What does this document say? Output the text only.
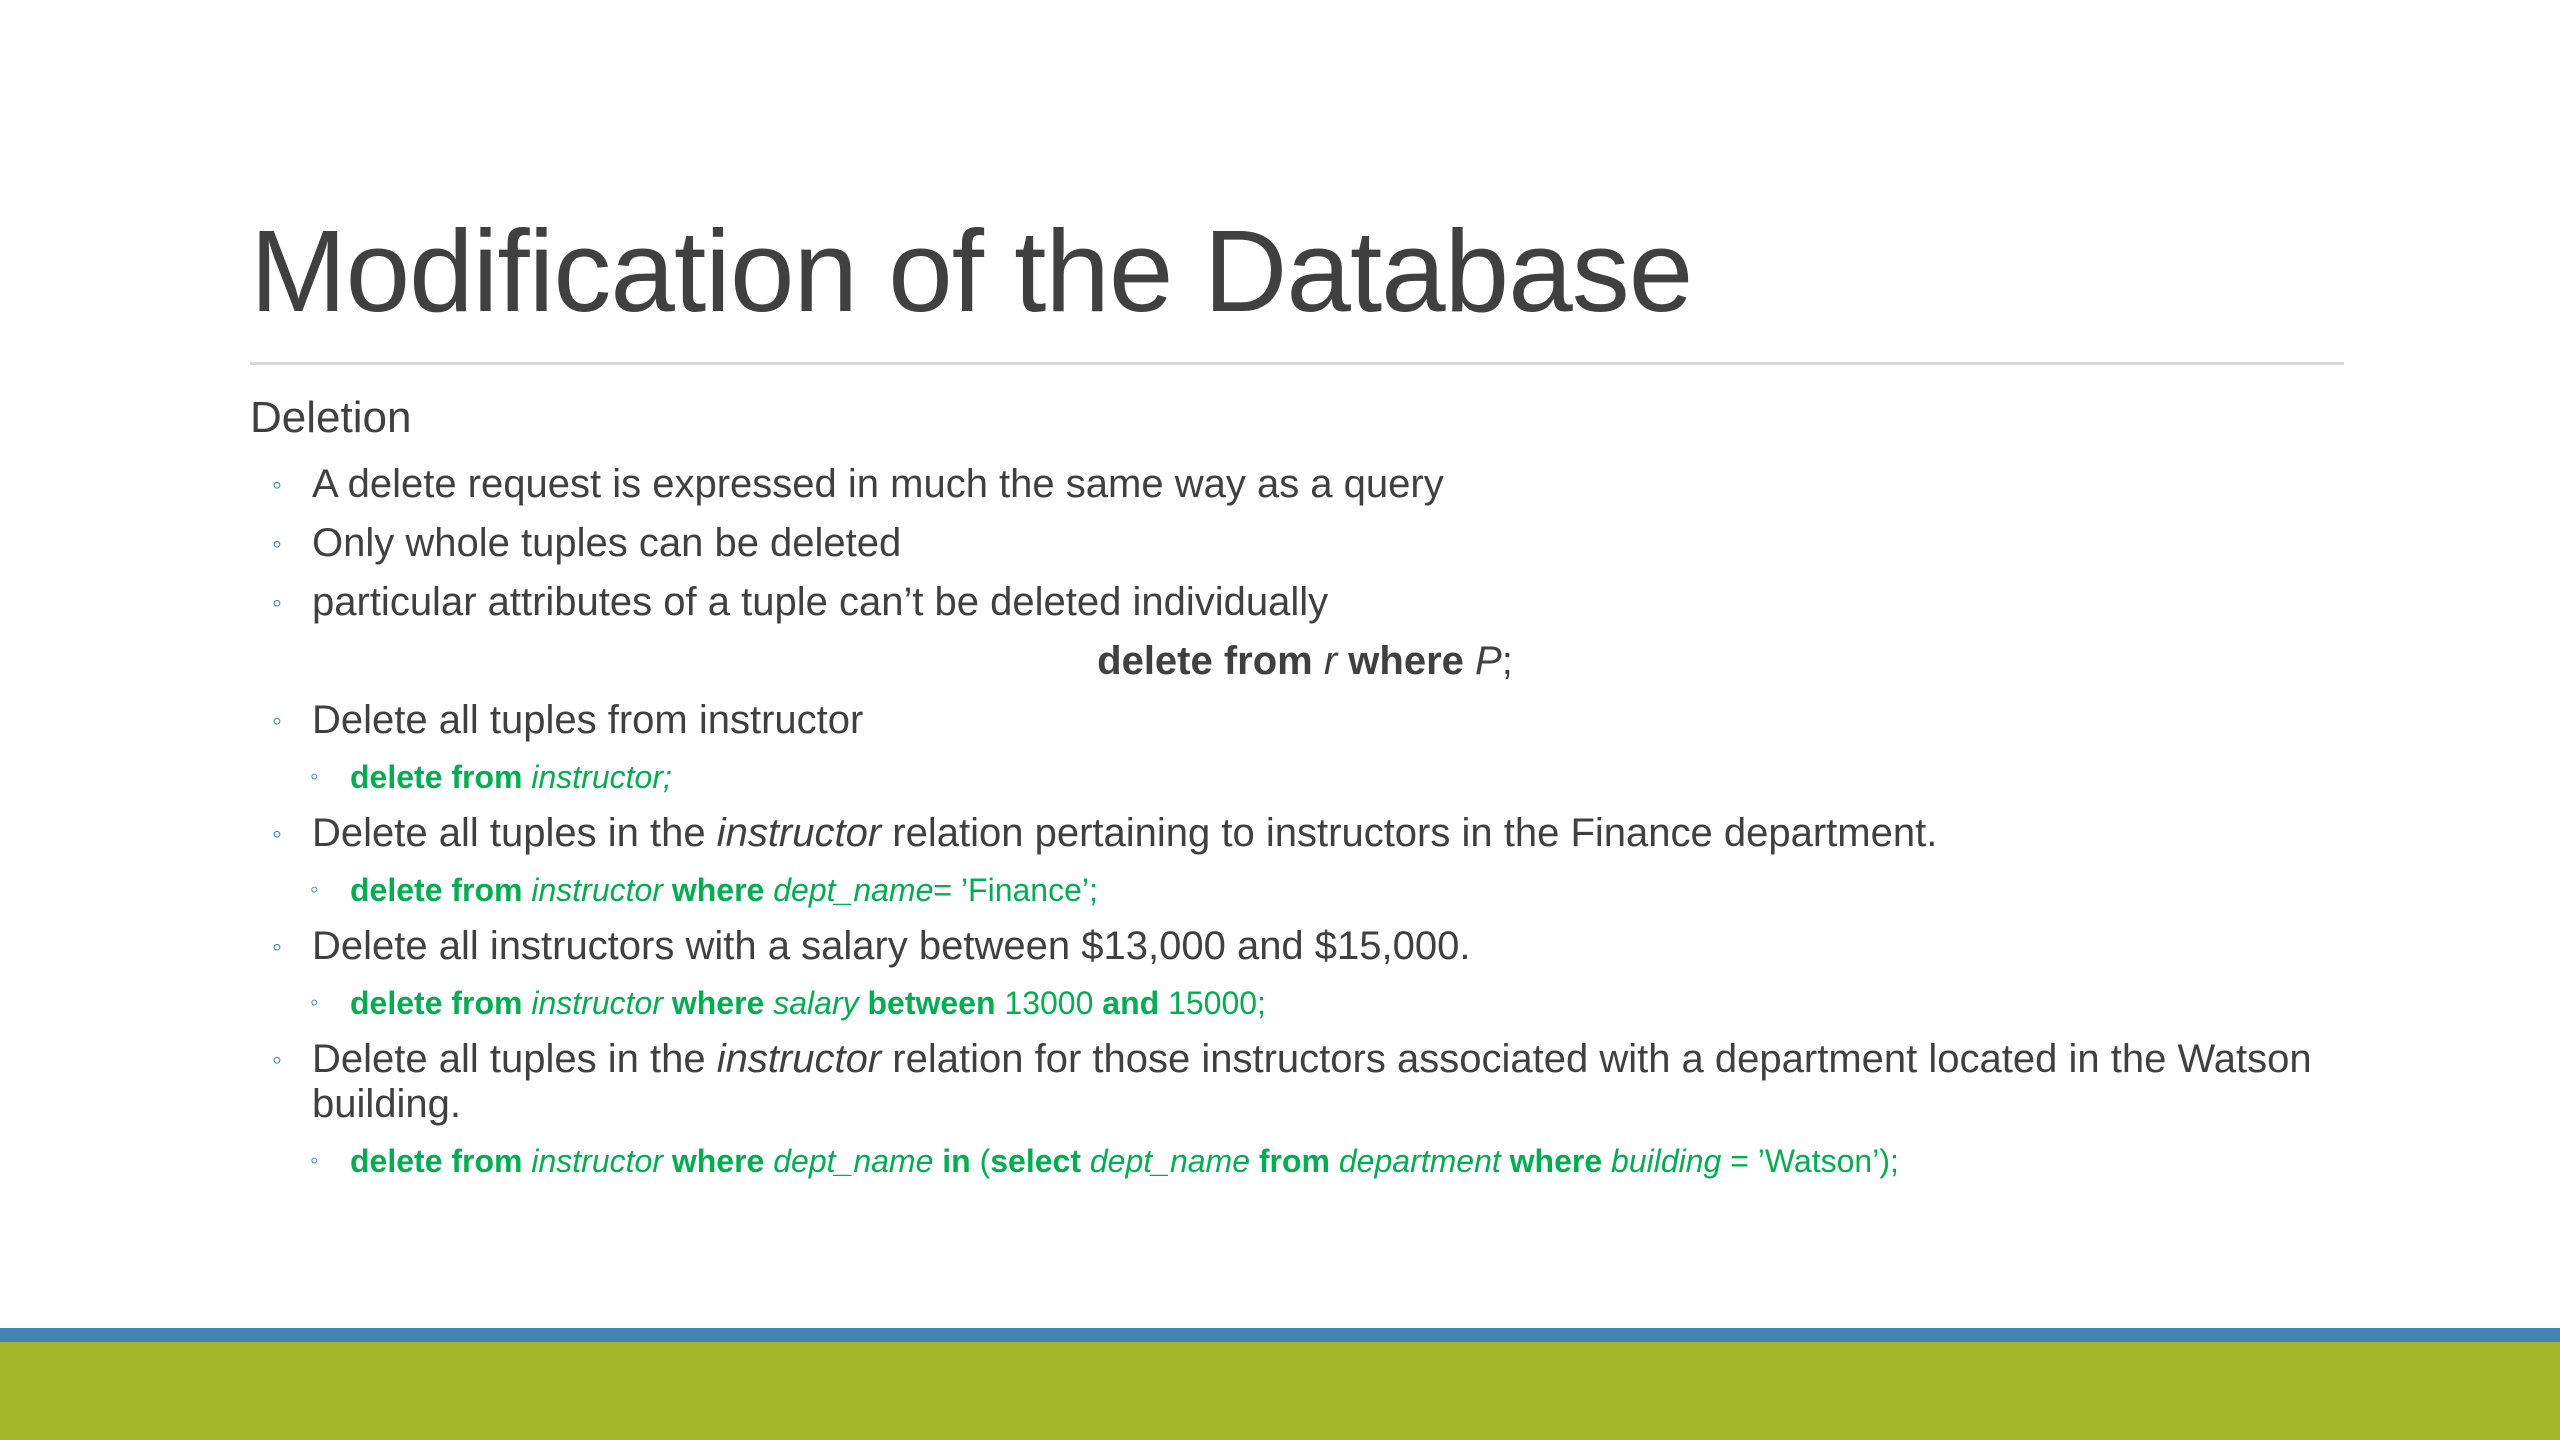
Modification of the Database
Deletion
◦ A delete request is expressed in much the same way as a query
◦ Only whole tuples can be deleted
◦ particular attributes of a tuple can’t be deleted individually
delete from r where P;
◦ Delete all tuples from instructor
◦ delete from instructor;
◦ Delete all tuples in the instructor relation pertaining to instructors in the Finance department.
◦ delete from instructor where dept_name= ’Finance’;
◦ Delete all instructors with a salary between $13,000 and $15,000.
◦ delete from instructor where salary between 13000 and 15000;
◦ Delete all tuples in the instructor relation for those instructors associated with a department located in the Watson building.
◦ delete from instructor where dept_name in (select dept_name from department where building = ’Watson’);
